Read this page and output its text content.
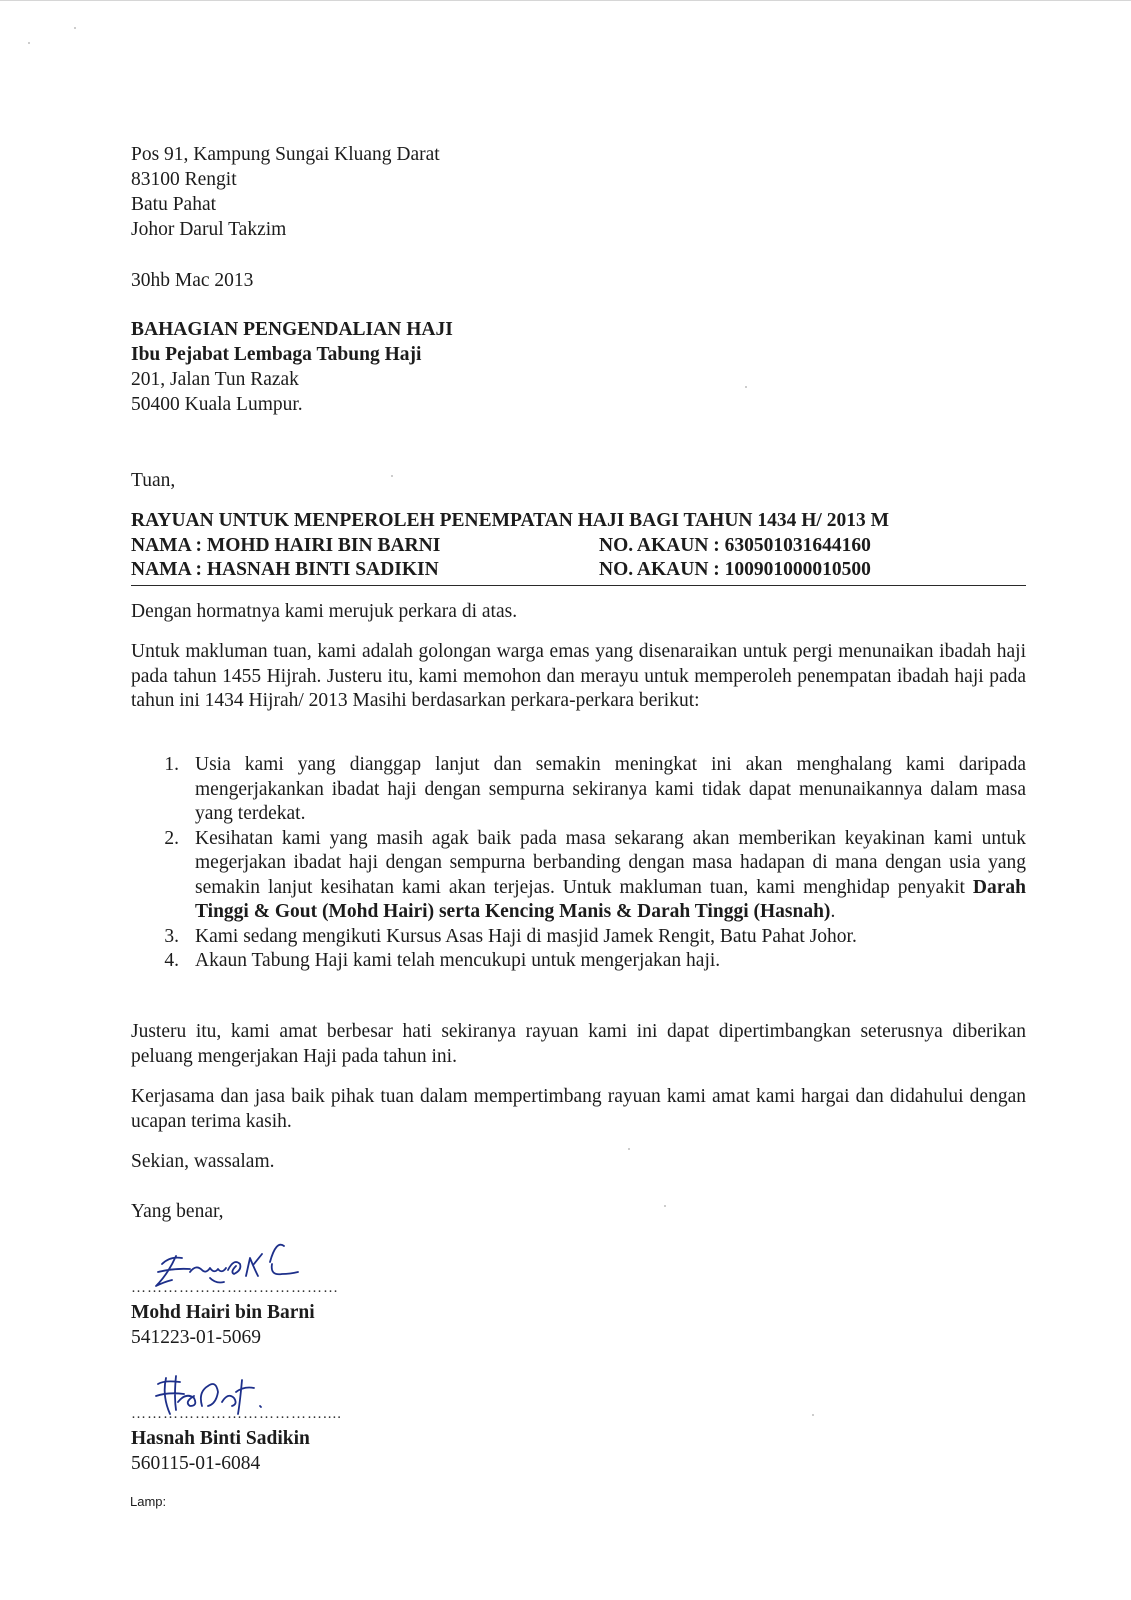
Pos 91, Kampung Sungai Kluang Darat
83100 Rengit
Batu Pahat
Johor Darul Takzim
30hb Mac 2013
BAHAGIAN PENGENDALIAN HAJI
Ibu Pejabat Lembaga Tabung Haji
201, Jalan Tun Razak
50400 Kuala Lumpur.
Tuan,
RAYUAN UNTUK MENPEROLEH PENEMPATAN HAJI BAGI TAHUN 1434 H/ 2013 M
NAMA : MOHD HAIRI BIN BARNI	NO. AKAUN : 630501031644160
NAMA : HASNAH BINTI SADIKIN	NO. AKAUN : 100901000010500
Dengan hormatnya kami merujuk perkara di atas.
Untuk makluman tuan, kami adalah golongan warga emas yang disenaraikan untuk pergi menunaikan ibadah haji pada tahun 1455 Hijrah. Justeru itu, kami memohon dan merayu untuk memperoleh penempatan ibadah haji pada tahun ini 1434 Hijrah/ 2013 Masihi berdasarkan perkara-perkara berikut:
1. Usia kami yang dianggap lanjut dan semakin meningkat ini akan menghalang kami daripada mengerjakankan ibadat haji dengan sempurna sekiranya kami tidak dapat menunaikannya dalam masa yang terdekat.
2. Kesihatan kami yang masih agak baik pada masa sekarang akan memberikan keyakinan kami untuk megerjakan ibadat haji dengan sempurna berbanding dengan masa hadapan di mana dengan usia yang semakin lanjut kesihatan kami akan terjejas. Untuk makluman tuan, kami menghidap penyakit Darah Tinggi & Gout (Mohd Hairi) serta Kencing Manis & Darah Tinggi (Hasnah).
3. Kami sedang mengikuti Kursus Asas Haji di masjid Jamek Rengit, Batu Pahat Johor.
4. Akaun Tabung Haji kami telah mencukupi untuk mengerjakan haji.
Justeru itu, kami amat berbesar hati sekiranya rayuan kami ini dapat dipertimbangkan seterusnya diberikan peluang mengerjakan Haji pada tahun ini.
Kerjasama dan jasa baik pihak tuan dalam mempertimbang rayuan kami amat kami hargai dan didahului dengan ucapan terima kasih.
Sekian, wassalam.
Yang benar,
…………………………………
Mohd Hairi bin Barni
541223-01-5069
………………………………....
Hasnah Binti Sadikin
560115-01-6084
Lamp:
